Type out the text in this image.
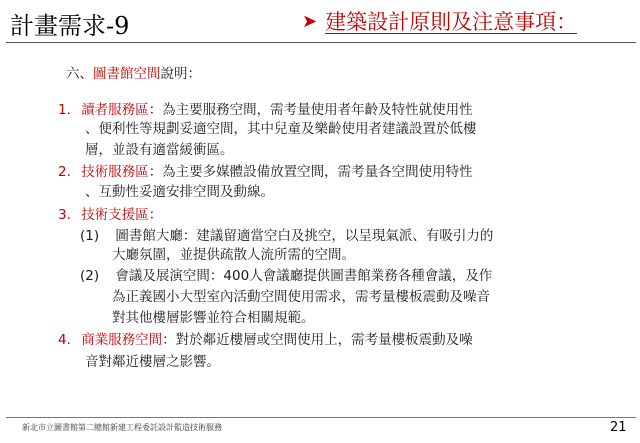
計畫需求-9	➤ 建築設計原則及注意事項：
六、圖書館空間說明：
1. 讀者服務區：為主要服務空間，需考量使用者年齡及特性就使用性
、便利性等規劃妥適空間，其中兒童及樂齡使用者建議設置於低樓
層，並設有適當緩衝區。
2. 技術服務區：為主要多媒體設備放置空間，需考量各空間使用特性
、互動性妥適安排空間及動線。
3. 技術支援區：
(1) 圖書館大廳：建議留適當空白及挑空，以呈現氣派、有吸引力的
大廳氛圍，並提供疏散人流所需的空間。
(2) 會議及展演空間：400人會議廳提供圖書館業務各種會議，及作
為正義國小大型室內活動空間使用需求，需考量樓板震動及噪音
對其他樓層影響並符合相關規範。
4. 商業服務空間：對於鄰近樓層或空間使用上，需考量樓板震動及噪
音對鄰近樓層之影響。
新北市立圖書館第二總館新建工程委託設計監造技術服務	21
